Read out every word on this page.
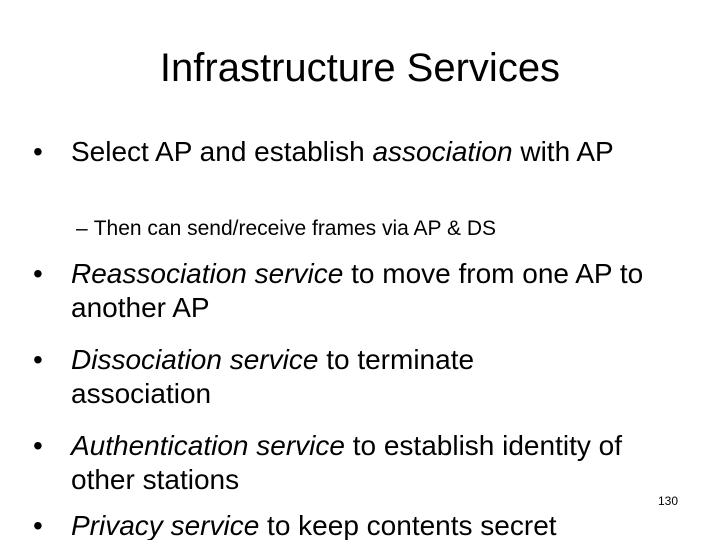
Infrastructure Services

• Select AP and establish association with AP

– Then can send/receive frames via AP & DS

• Reassociation service to move from one AP to another AP

• Dissociation service to terminate association

• Authentication service to establish identity of other stations

• Privacy service to keep contents secret

130
